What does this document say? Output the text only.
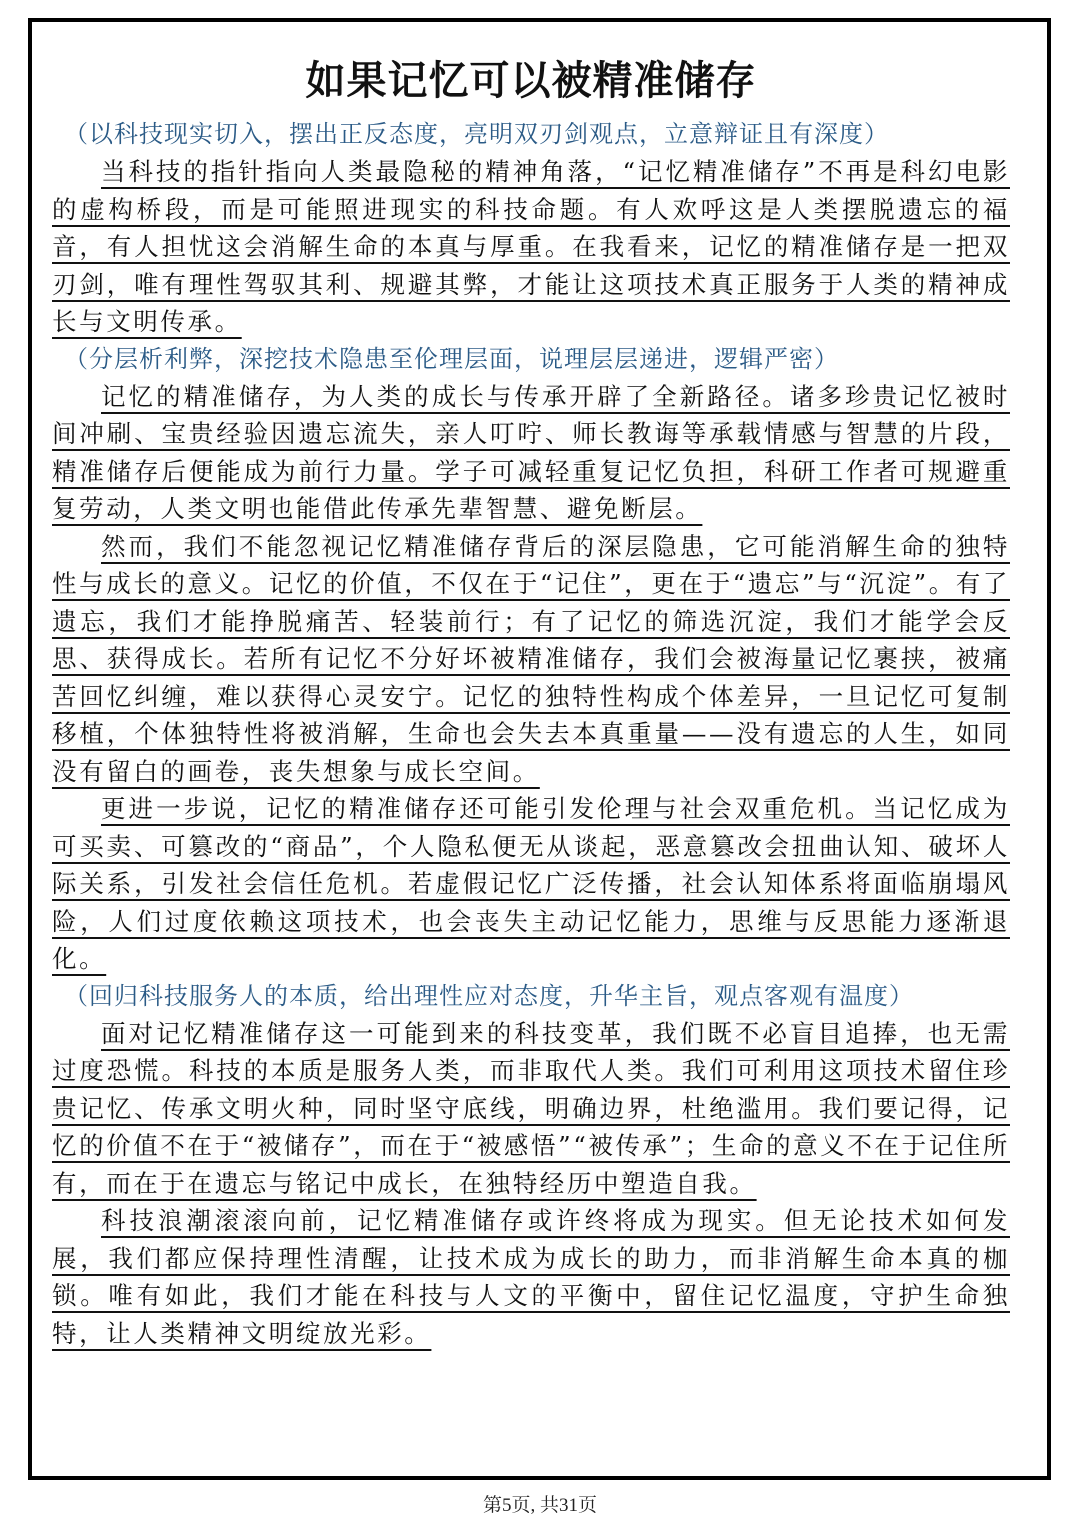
如果记忆可以被精准储存

（以科技现实切入，摆出正反态度，亮明双刃剑观点，立意辩证且有深度）

当科技的指针指向人类最隐秘的精神角落，“记忆精准储存”不再是科幻电影的虚构桥段，而是可能照进现实的科技命题。有人欢呼这是人类摆脱遗忘的福音，有人担忧这会消解生命的本真与厚重。在我看来，记忆的精准储存是一把双刃剑，唯有理性驾驭其利、规避其弊，才能让这项技术真正服务于人类的精神成长与文明传承。

（分层析利弊，深挖技术隐患至伦理层面，说理层层递进，逻辑严密）

记忆的精准储存，为人类的成长与传承开辟了全新路径。诸多珍贵记忆被时间冲刷、宝贵经验因遗忘流失，亲人叮咛、师长教诲等承载情感与智慧的片段，精准储存后便能成为前行力量。学子可减轻重复记忆负担，科研工作者可规避重复劳动，人类文明也能借此传承先辈智慧、避免断层。

然而，我们不能忽视记忆精准储存背后的深层隐患，它可能消解生命的独特性与成长的意义。记忆的价值，不仅在于“记住”，更在于“遗忘”与“沉淀”。有了遗忘，我们才能挣脱痛苦、轻装前行；有了记忆的筛选沉淀，我们才能学会反思、获得成长。若所有记忆不分好坏被精准储存，我们会被海量记忆裹挟，被痛苦回忆纠缠，难以获得心灵安宁。记忆的独特性构成个体差异，一旦记忆可复制移植，个体独特性将被消解，生命也会失去本真重量——没有遗忘的人生，如同没有留白的画卷，丧失想象与成长空间。

更进一步说，记忆的精准储存还可能引发伦理与社会双重危机。当记忆成为可买卖、可篡改的“商品”，个人隐私便无从谈起，恶意篡改会扭曲认知、破坏人际关系，引发社会信任危机。若虚假记忆广泛传播，社会认知体系将面临崩塌风险，人们过度依赖这项技术，也会丧失主动记忆能力，思维与反思能力逐渐退化。

（回归科技服务人的本质，给出理性应对态度，升华主旨，观点客观有温度）

面对记忆精准储存这一可能到来的科技变革，我们既不必盲目追捧，也无需过度恐慌。科技的本质是服务人类，而非取代人类。我们可利用这项技术留住珍贵记忆、传承文明火种，同时坚守底线，明确边界，杜绝滥用。我们要记得，记忆的价值不在于“被储存”，而在于“被感悟”“被传承”；生命的意义不在于记住所有，而在于在遗忘与铭记中成长，在独特经历中塑造自我。

科技浪潮滚滚向前，记忆精准储存或许终将成为现实。但无论技术如何发展，我们都应保持理性清醒，让技术成为成长的助力，而非消解生命本真的枷锁。唯有如此，我们才能在科技与人文的平衡中，留住记忆温度，守护生命独特，让人类精神文明绽放光彩。

第5页, 共31页
